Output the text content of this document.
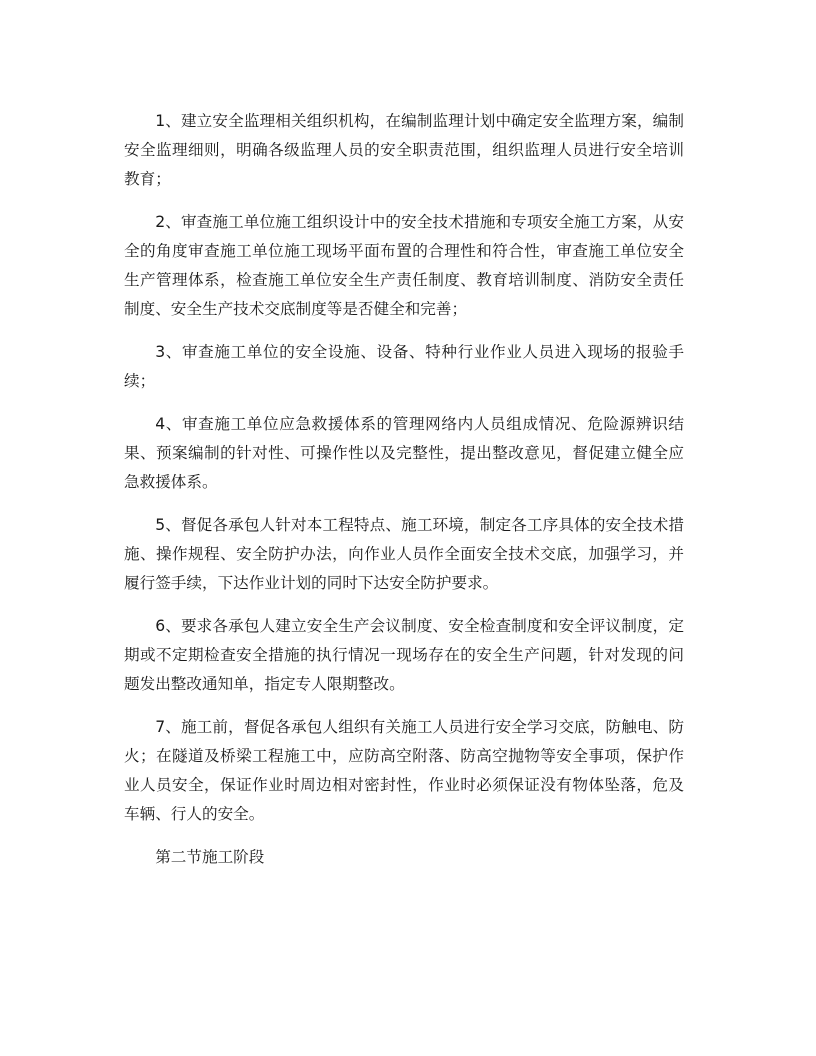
1、建立安全监理相关组织机构，在编制监理计划中确定安全监理方案，编制安全监理细则，明确各级监理人员的安全职责范围，组织监理人员进行安全培训教育；

2、审查施工单位施工组织设计中的安全技术措施和专项安全施工方案，从安全的角度审查施工单位施工现场平面布置的合理性和符合性，审查施工单位安全生产管理体系，检查施工单位安全生产责任制度、教育培训制度、消防安全责任制度、安全生产技术交底制度等是否健全和完善；

3、审查施工单位的安全设施、设备、特种行业作业人员进入现场的报验手续；

4、审查施工单位应急救援体系的管理网络内人员组成情况、危险源辨识结果、预案编制的针对性、可操作性以及完整性，提出整改意见，督促建立健全应急救援体系。

5、督促各承包人针对本工程特点、施工环境，制定各工序具体的安全技术措施、操作规程、安全防护办法，向作业人员作全面安全技术交底，加强学习，并履行签手续，下达作业计划的同时下达安全防护要求。

6、要求各承包人建立安全生产会议制度、安全检查制度和安全评议制度，定期或不定期检查安全措施的执行情况一现场存在的安全生产问题，针对发现的问题发出整改通知单，指定专人限期整改。

7、施工前，督促各承包人组织有关施工人员进行安全学习交底，防触电、防火；在隧道及桥梁工程施工中，应防高空附落、防高空抛物等安全事项，保护作业人员安全，保证作业时周边相对密封性，作业时必须保证没有物体坠落，危及车辆、行人的安全。

第二节施工阶段
